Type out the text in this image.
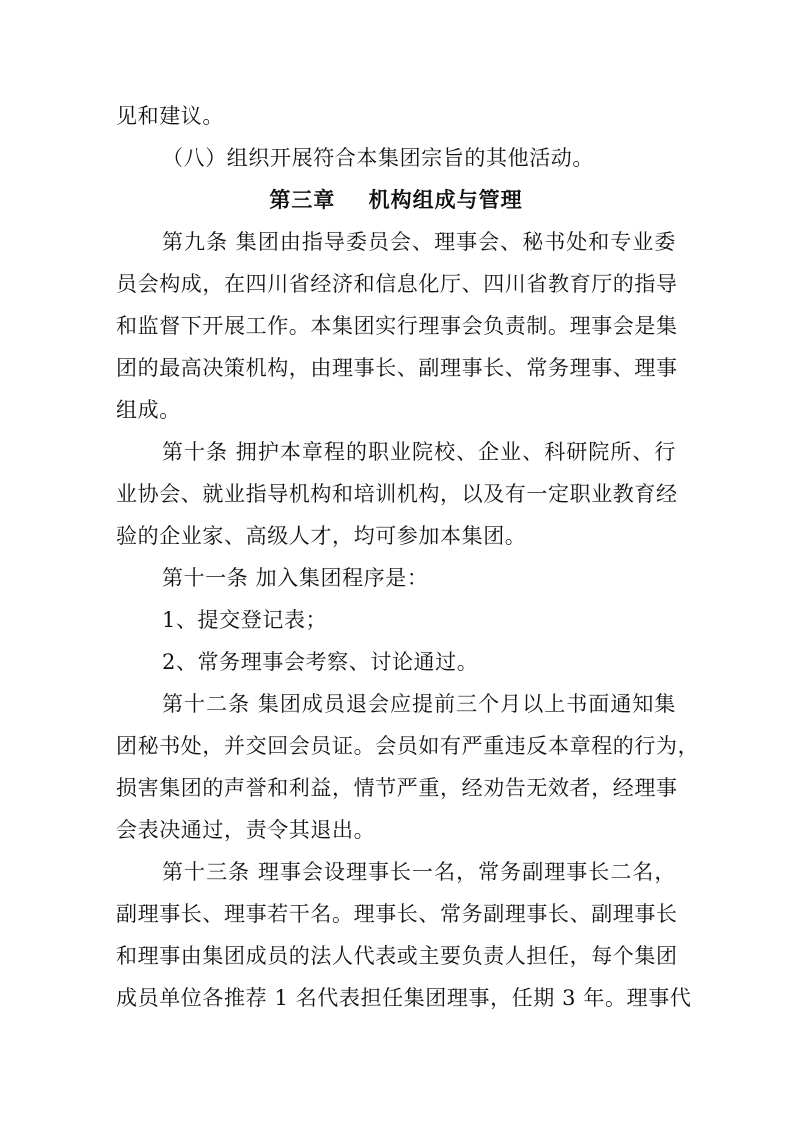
见和建议。
（八）组织开展符合本集团宗旨的其他活动。
第三章    机构组成与管理
第九条 集团由指导委员会、理事会、秘书处和专业委
员会构成，在四川省经济和信息化厅、四川省教育厅的指导
和监督下开展工作。本集团实行理事会负责制。理事会是集
团的最高决策机构，由理事长、副理事长、常务理事、理事
组成。
第十条 拥护本章程的职业院校、企业、科研院所、行
业协会、就业指导机构和培训机构，以及有一定职业教育经
验的企业家、高级人才，均可参加本集团。
第十一条 加入集团程序是：
1、提交登记表；
2、常务理事会考察、讨论通过。
第十二条 集团成员退会应提前三个月以上书面通知集
团秘书处，并交回会员证。会员如有严重违反本章程的行为，
损害集团的声誉和利益，情节严重，经劝告无效者，经理事
会表决通过，责令其退出。
第十三条 理事会设理事长一名，常务副理事长二名，
副理事长、理事若干名。理事长、常务副理事长、副理事长
和理事由集团成员的法人代表或主要负责人担任，每个集团
成员单位各推荐 1 名代表担任集团理事，任期 3 年。理事代
